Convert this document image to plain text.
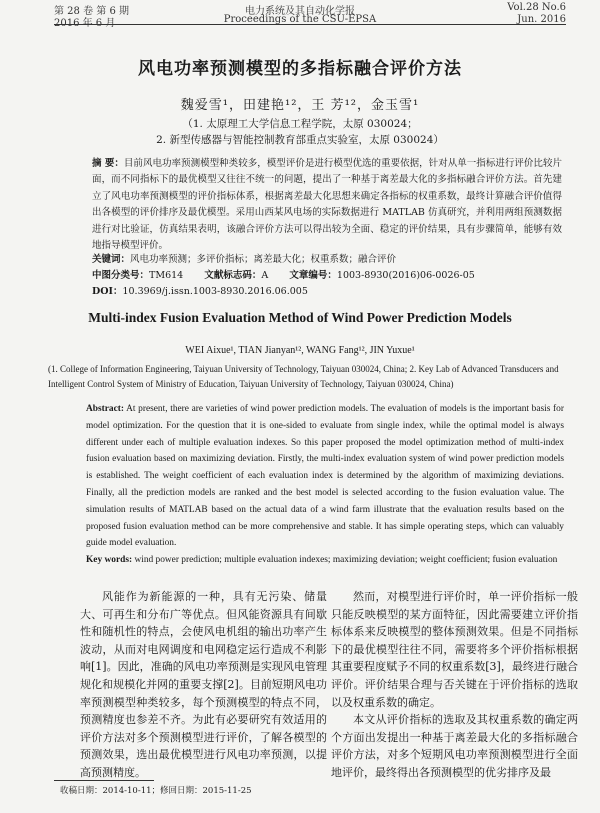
第 28 卷 第 6 期
2016 年 6 月
电力系统及其自动化学报
Proceedings of the CSU-EPSA
Vol.28 No.6
Jun. 2016
风电功率预测模型的多指标融合评价方法
魏爱雪¹，田建艳¹²，王 芳¹²，金玉雪¹
（1. 太原理工大学信息工程学院，太原 030024；
2. 新型传感器与智能控制教育部重点实验室，太原 030024）
摘 要：目前风电功率预测模型种类较多，模型评价是进行模型优选的重要依据，针对从单一指标进行评价比较片面，而不同指标下的最优模型又往往不统一的问题，提出了一种基于离差最大化的多指标融合评价方法。首先建立了风电功率预测模型的评价指标体系，根据离差最大化思想来确定各指标的权重系数，最终计算融合评价值得出各模型的评价排序及最优模型。采用山西某风电场的实际数据进行 MATLAB 仿真研究，并利用两组预测数据进行对比验证，仿真结果表明，该融合评价方法可以得出较为全面、稳定的评价结果，具有步骤简单，能够有效地指导模型评价。
关键词：风电功率预测；多评价指标；离差最大化；权重系数；融合评价
中图分类号：TM614 文献标志码：A 文章编号：1003-8930(2016)06-0026-05
DOI：10.3969/j.issn.1003-8930.2016.06.005
Multi-index Fusion Evaluation Method of Wind Power Prediction Models
WEI Aixue¹, TIAN Jianyan¹², WANG Fang¹², JIN Yuxue¹
(1. College of Information Engineering, Taiyuan University of Technology, Taiyuan 030024, China; 2. Key Lab of Advanced Transducers and Intelligent Control System of Ministry of Education, Taiyuan University of Technology, Taiyuan 030024, China)
Abstract: At present, there are varieties of wind power prediction models. The evaluation of models is the important basis for model optimization. For the question that it is one-sided to evaluate from single index, while the optimal model is always different under each of multiple evaluation indexes. So this paper proposed the model optimization method of multi-index fusion evaluation based on maximizing deviation. Firstly, the multi-index evaluation system of wind power prediction models is established. The weight coefficient of each evaluation index is determined by the algorithm of maximizing deviations. Finally, all the prediction models are ranked and the best model is selected according to the fusion evaluation value. The simulation results of MATLAB based on the actual data of a wind farm illustrate that the evaluation results based on the proposed fusion evaluation method can be more comprehensive and stable. It has simple operating steps, which can valuably guide model evaluation.
Key words: wind power prediction; multiple evaluation indexes; maximizing deviation; weight coefficient; fusion evaluation

风能作为新能源的一种，具有无污染、储量大、可再生和分布广等优点。但风能资源具有间歇性和随机性的特点，会使风电机组的输出功率产生波动，从而对电网调度和电网稳定运行造成不利影响[1]。因此，准确的风电功率预测是实现风电管理规化和规模化并网的重要支撑[2]。目前短期风电功率预测模型种类较多，每个预测模型的特点不同，预测精度也参差不齐。为此有必要研究有效适用的评价方法对多个预测模型进行评价，了解各模型的预测效果，选出最优模型进行风电功率预测，以提高预测精度。

然而，对模型进行评价时，单一评价指标一般只能反映模型的某方面特征，因此需要建立评价指标体系来反映模型的整体预测效果。但是不同指标下的最优模型往往不同，需要将多个评价指标根据其重要程度赋予不同的权重系数[3]，最终进行融合评价。评价结果合理与否关键在于评价指标的选取以及权重系数的确定。

本文从评价指标的选取及其权重系数的确定两个方面出发提出一种基于离差最大化的多指标融合评价方法，对多个短期风电功率预测模型进行全面地评价，最终得出各预测模型的优劣排序及最

收稿日期：2014-10-11；修回日期：2015-11-25
